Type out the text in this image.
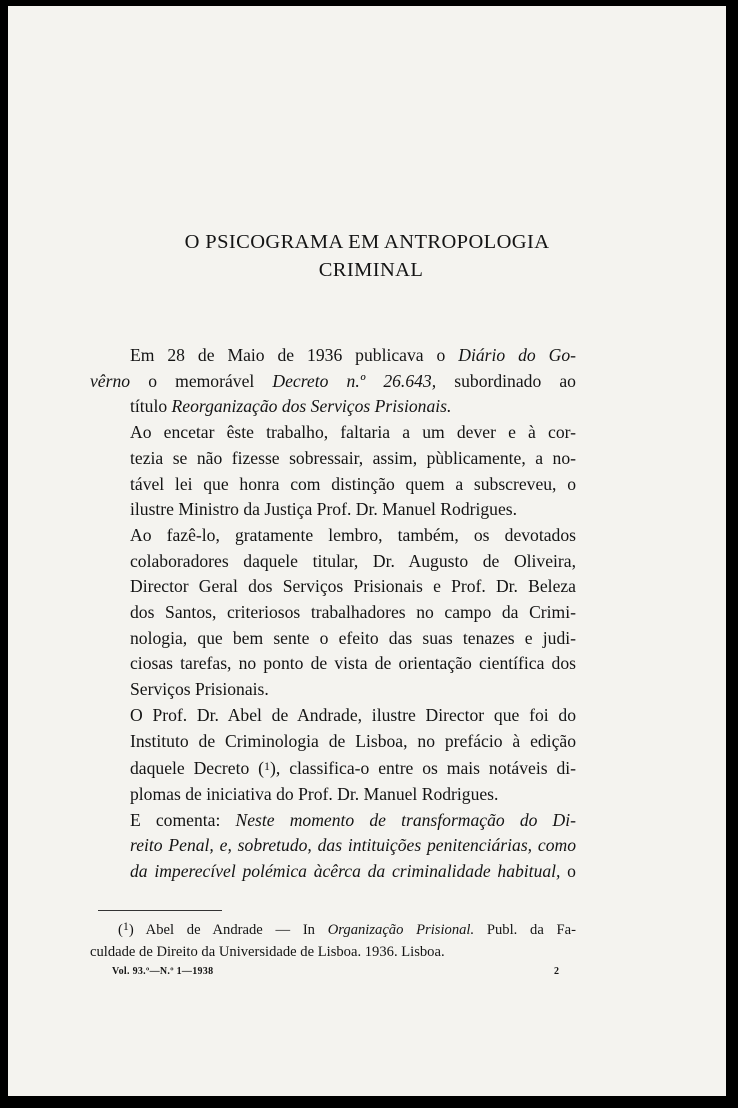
O PSICOGRAMA EM ANTROPOLOGIA
CRIMINAL

Em 28 de Maio de 1936 publicava o Diário do Go-
vêrno o memorável Decreto n.º 26.643, subordinado ao
título Reorganização dos Serviços Prisionais.

Ao encetar êste trabalho, faltaria a um dever e à cor-
tezia se não fizesse sobressair, assim, pùblicamente, a no-
tável lei que honra com distinção quem a subscreveu, o
ilustre Ministro da Justiça Prof. Dr. Manuel Rodrigues.

Ao fazê-lo, gratamente lembro, também, os devotados
colaboradores daquele titular, Dr. Augusto de Oliveira,
Director Geral dos Serviços Prisionais e Prof. Dr. Beleza
dos Santos, criteriosos trabalhadores no campo da Crimi-
nologia, que bem sente o efeito das suas tenazes e judi-
ciosas tarefas, no ponto de vista de orientação científica dos
Serviços Prisionais.

O Prof. Dr. Abel de Andrade, ilustre Director que foi do
Instituto de Criminologia de Lisboa, no prefácio à edição
daquele Decreto ($^1$), classifica-o entre os mais notáveis di-
plomas de iniciativa do Prof. Dr. Manuel Rodrigues.

E comenta: Neste momento de transformação do Di-
reito Penal, e, sobretudo, das intituições penitenciárias, como
da imperecível polémica àcêrca da criminalidade habitual, o

($^1$) Abel de Andrade — In Organização Prisional. Publ. da Fa-
culdade de Direito da Universidade de Lisboa. 1936. Lisboa.
Vol. 93.º—N.º 1—1938	2
